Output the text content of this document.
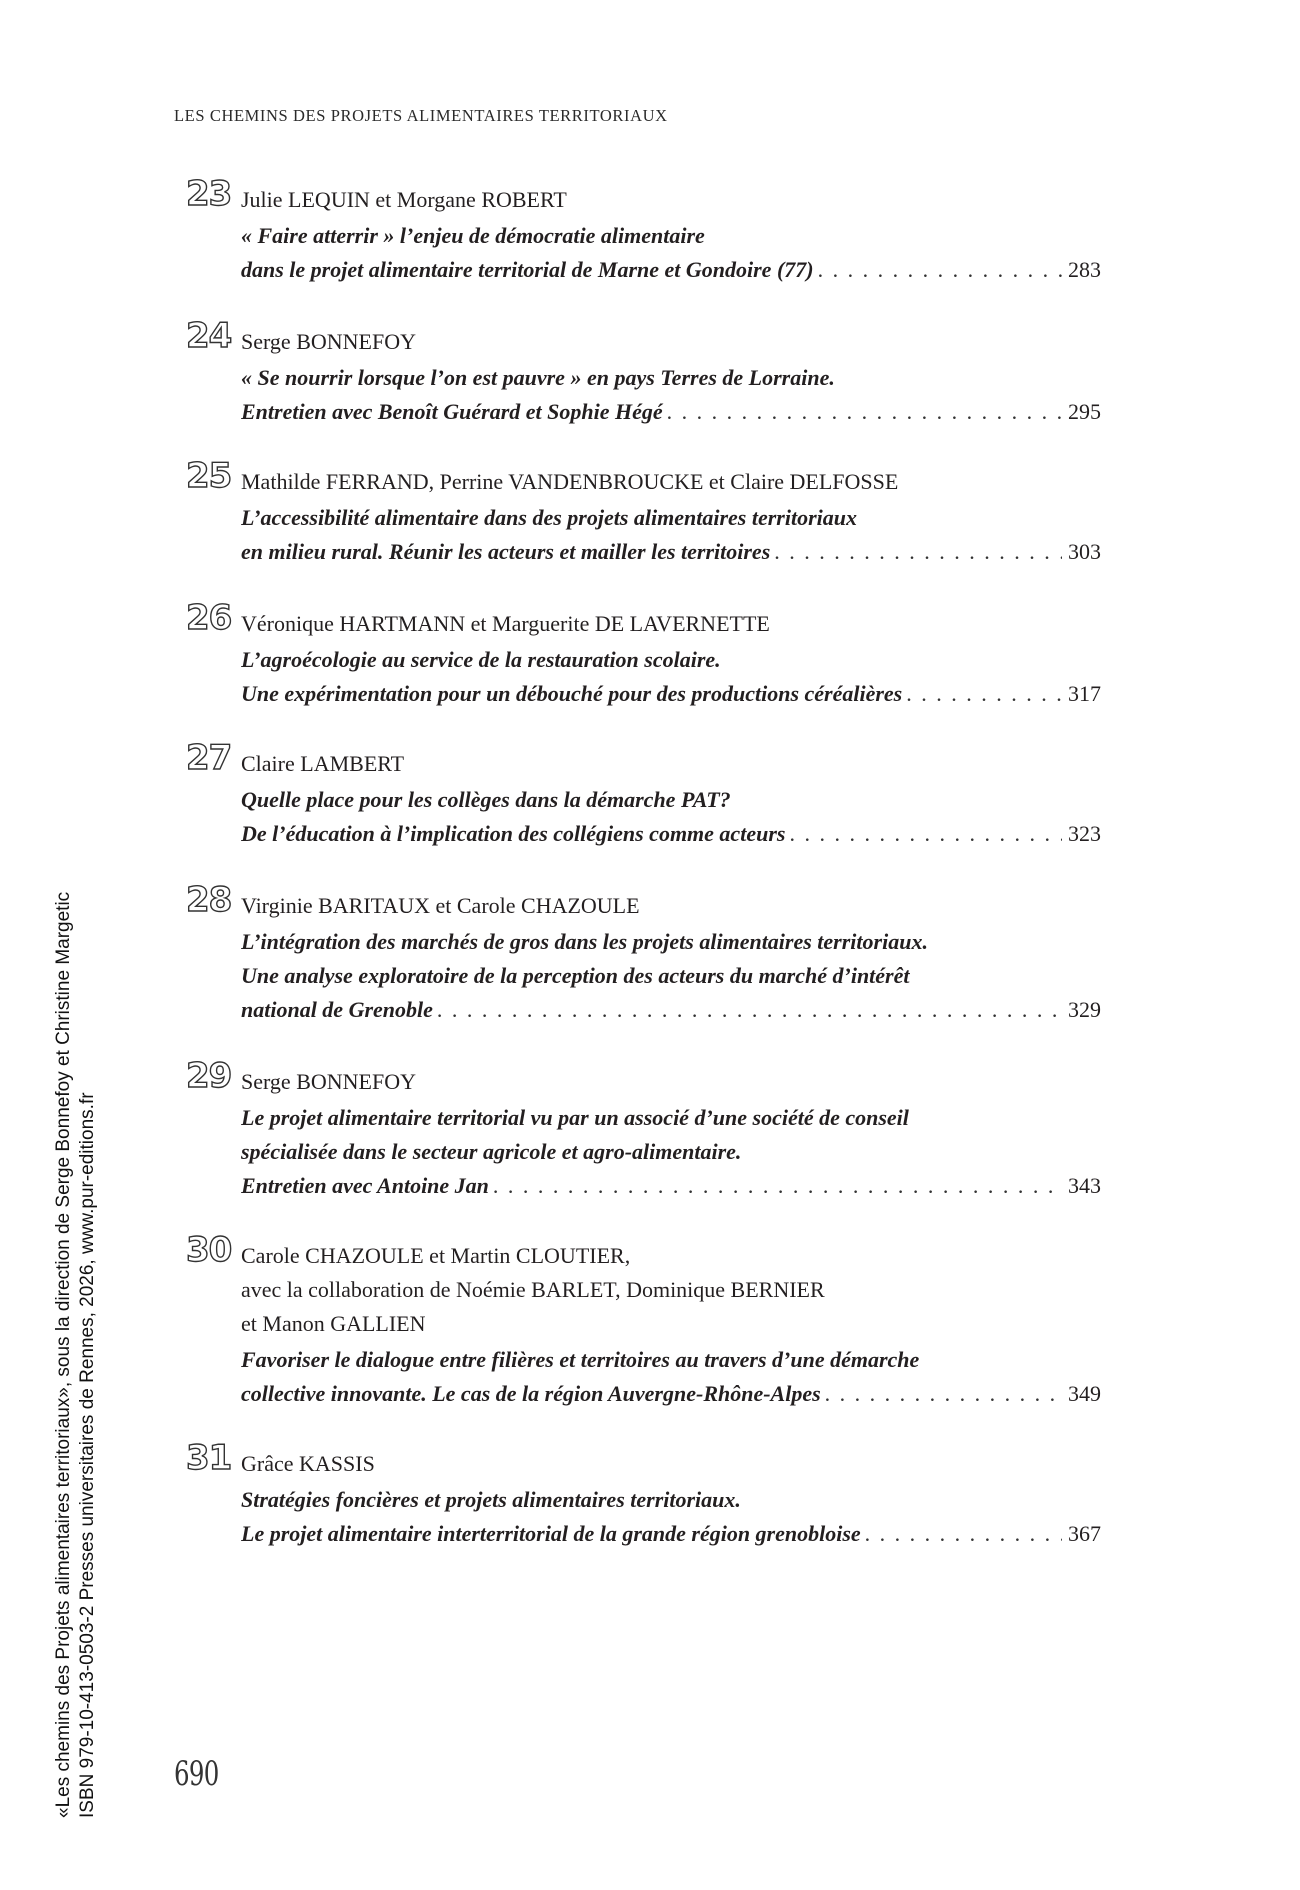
LES CHEMINS DES PROJETS ALIMENTAIRES TERRITORIAUX
23 Julie LEQUIN et Morgane ROBERT
« Faire atterrir » l’enjeu de démocratie alimentaire
dans le projet alimentaire territorial de Marne et Gondoire (77) . . .	283
24 Serge BONNEFOY
« Se nourrir lorsque l’on est pauvre » en pays Terres de Lorraine.
Entretien avec Benoît Guérard et Sophie Hégé . . .	295
25 Mathilde FERRAND, Perrine VANDENBROUCKE et Claire DELFOSSE
L’accessibilité alimentaire dans des projets alimentaires territoriaux
en milieu rural. Réunir les acteurs et mailler les territoires . . .	303
26 Véronique HARTMANN et Marguerite DE LAVERNETTE
L’agroécologie au service de la restauration scolaire.
Une expérimentation pour un débouché pour des productions céréalières . . .	317
27 Claire LAMBERT
Quelle place pour les collèges dans la démarche PAT?
De l’éducation à l’implication des collégiens comme acteurs . . .	323
28 Virginie BARITAUX et Carole CHAZOULE
L’intégration des marchés de gros dans les projets alimentaires territoriaux.
Une analyse exploratoire de la perception des acteurs du marché d’intérêt
national de Grenoble . . .	329
29 Serge BONNEFOY
Le projet alimentaire territorial vu par un associé d’une société de conseil
spécialisée dans le secteur agricole et agro-alimentaire.
Entretien avec Antoine Jan . . .	343
30 Carole CHAZOULE et Martin CLOUTIER,
avec la collaboration de Noémie BARLET, Dominique BERNIER
et Manon GALLIEN
Favoriser le dialogue entre filières et territoires au travers d’une démarche
collective innovante. Le cas de la région Auvergne-Rhône-Alpes . . .	349
31 Grâce KASSIS
Stratégies foncières et projets alimentaires territoriaux.
Le projet alimentaire interterritorial de la grande région grenobloise . . .	367
690
«Les chemins des Projets alimentaires territoriaux», sous la direction de Serge Bonnefoy et Christine Margetic ISBN 979-10-413-0503-2 Presses universitaires de Rennes, 2026, www.pur-editions.fr
